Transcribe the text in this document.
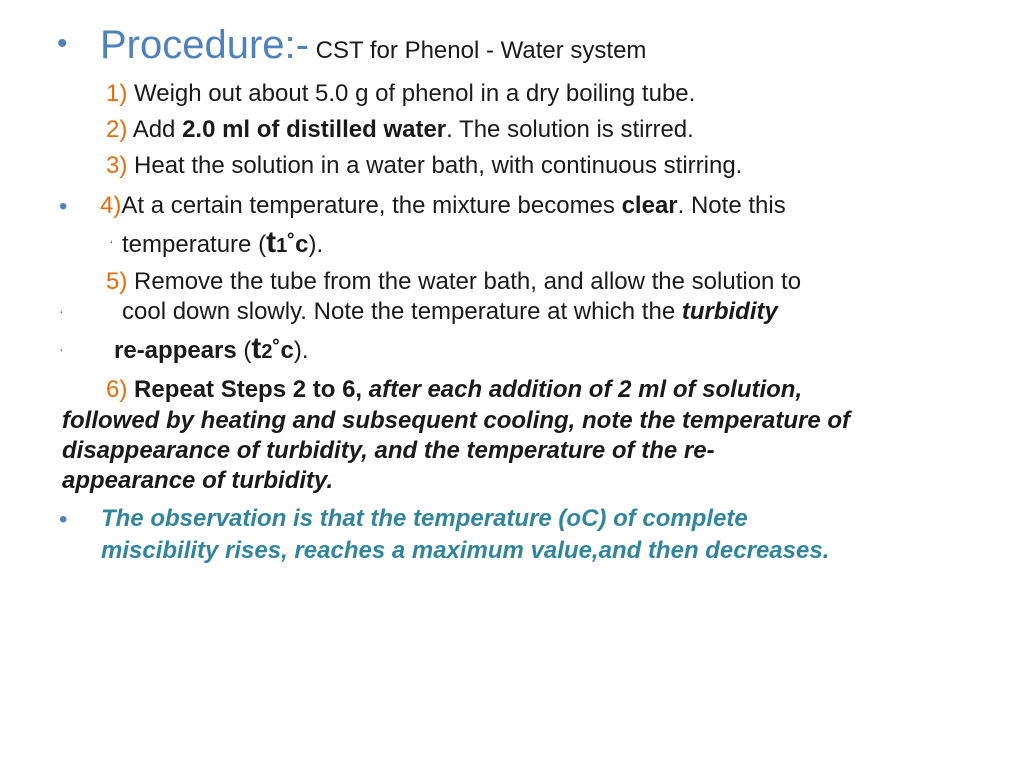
• Procedure:- CST for Phenol - Water system
1) Weigh out about 5.0 g of phenol in a dry boiling tube.
2) Add 2.0 ml of distilled water. The solution is stirred.
3) Heat the solution in a water bath, with continuous stirring.
• 4)At a certain temperature, the mixture becomes clear. Note this
‘ temperature (t1˚c).
5) Remove the tube from the water bath, and allow the solution to
‘ cool down slowly. Note the temperature at which the turbidity
‘ re-appears (t2˚c).
6) Repeat Steps 2 to 6, after each addition of 2 ml of solution,
followed by heating and subsequent cooling, note the temperature of
disappearance of turbidity, and the temperature of the re-
appearance of turbidity.
• The observation is that the temperature (oC) of complete
miscibility rises, reaches a maximum value,and then decreases.
